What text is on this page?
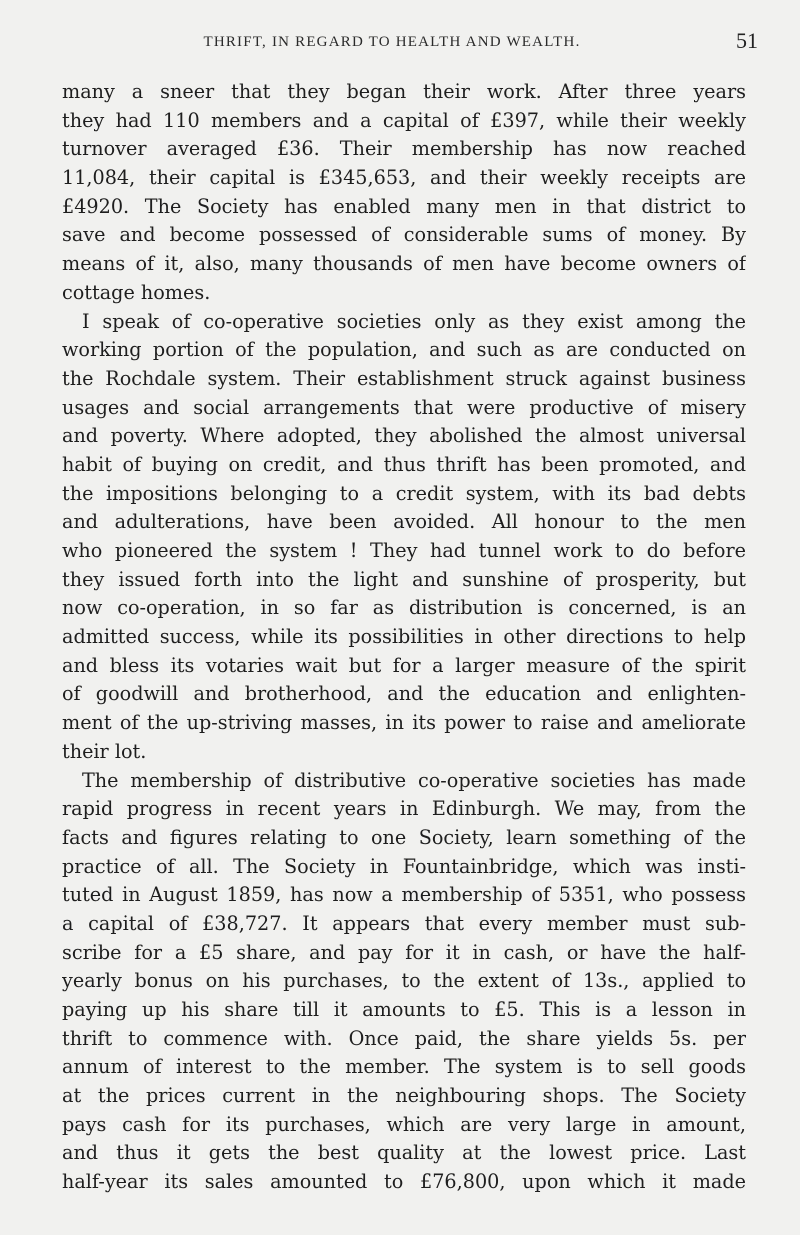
THRIFT, IN REGARD TO HEALTH AND WEALTH.	51
many a sneer that they began their work. After three years
they had 110 members and a capital of £397, while their weekly
turnover averaged £36. Their membership has now reached
11,084, their capital is £345,653, and their weekly receipts are
£4920. The Society has enabled many men in that district to
save and become possessed of considerable sums of money. By
means of it, also, many thousands of men have become owners of
cottage homes.
I speak of co-operative societies only as they exist among the
working portion of the population, and such as are conducted on
the Rochdale system. Their establishment struck against business
usages and social arrangements that were productive of misery
and poverty. Where adopted, they abolished the almost universal
habit of buying on credit, and thus thrift has been promoted, and
the impositions belonging to a credit system, with its bad debts
and adulterations, have been avoided. All honour to the men
who pioneered the system ! They had tunnel work to do before
they issued forth into the light and sunshine of prosperity, but
now co-operation, in so far as distribution is concerned, is an
admitted success, while its possibilities in other directions to help
and bless its votaries wait but for a larger measure of the spirit
of goodwill and brotherhood, and the education and enlighten-
ment of the up-striving masses, in its power to raise and ameliorate
their lot.
The membership of distributive co-operative societies has made
rapid progress in recent years in Edinburgh. We may, from the
facts and figures relating to one Society, learn something of the
practice of all. The Society in Fountainbridge, which was insti-
tuted in August 1859, has now a membership of 5351, who possess
a capital of £38,727. It appears that every member must sub-
scribe for a £5 share, and pay for it in cash, or have the half-
yearly bonus on his purchases, to the extent of 13s., applied to
paying up his share till it amounts to £5. This is a lesson in
thrift to commence with. Once paid, the share yields 5s. per
annum of interest to the member. The system is to sell goods
at the prices current in the neighbouring shops. The Society
pays cash for its purchases, which are very large in amount,
and thus it gets the best quality at the lowest price. Last
half-year its sales amounted to £76,800, upon which it made
